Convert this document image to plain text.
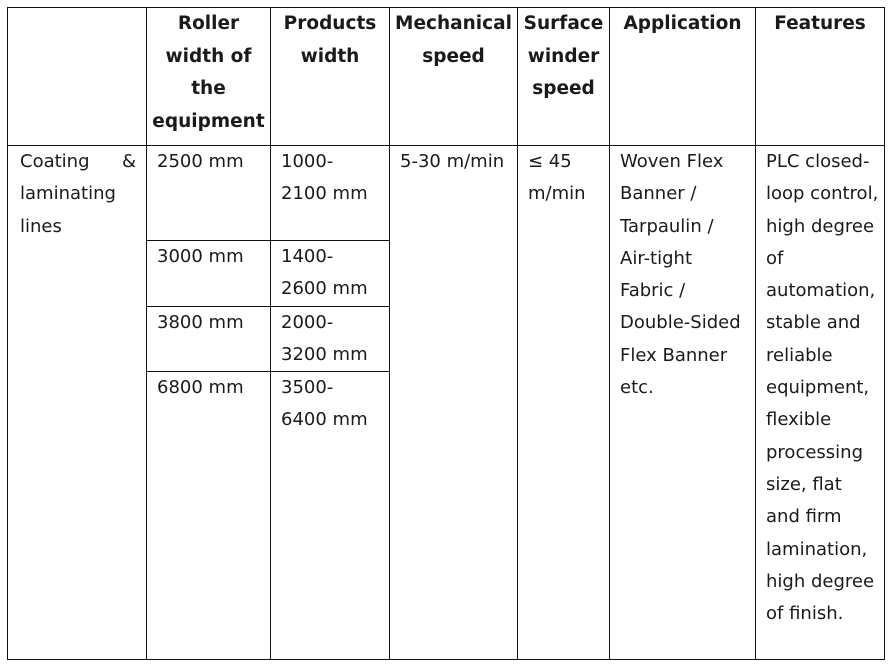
	Roller width of the equipment	Products width	Mechanical speed	Surface winder speed	Application	Features

Coating & laminating lines	2500 mm	1000-2100 mm	5-30 m/min	≤ 45 m/min	Woven Flex Banner / Tarpaulin / Air-tight Fabric / Double-Sided Flex Banner etc.	PLC closed-loop control, high degree of automation, stable and reliable equipment, flexible processing size, flat and firm lamination, high degree of finish.

	3000 mm	1400-2600 mm				

	3800 mm	2000-3200 mm				

	6800 mm	3500-6400 mm				
